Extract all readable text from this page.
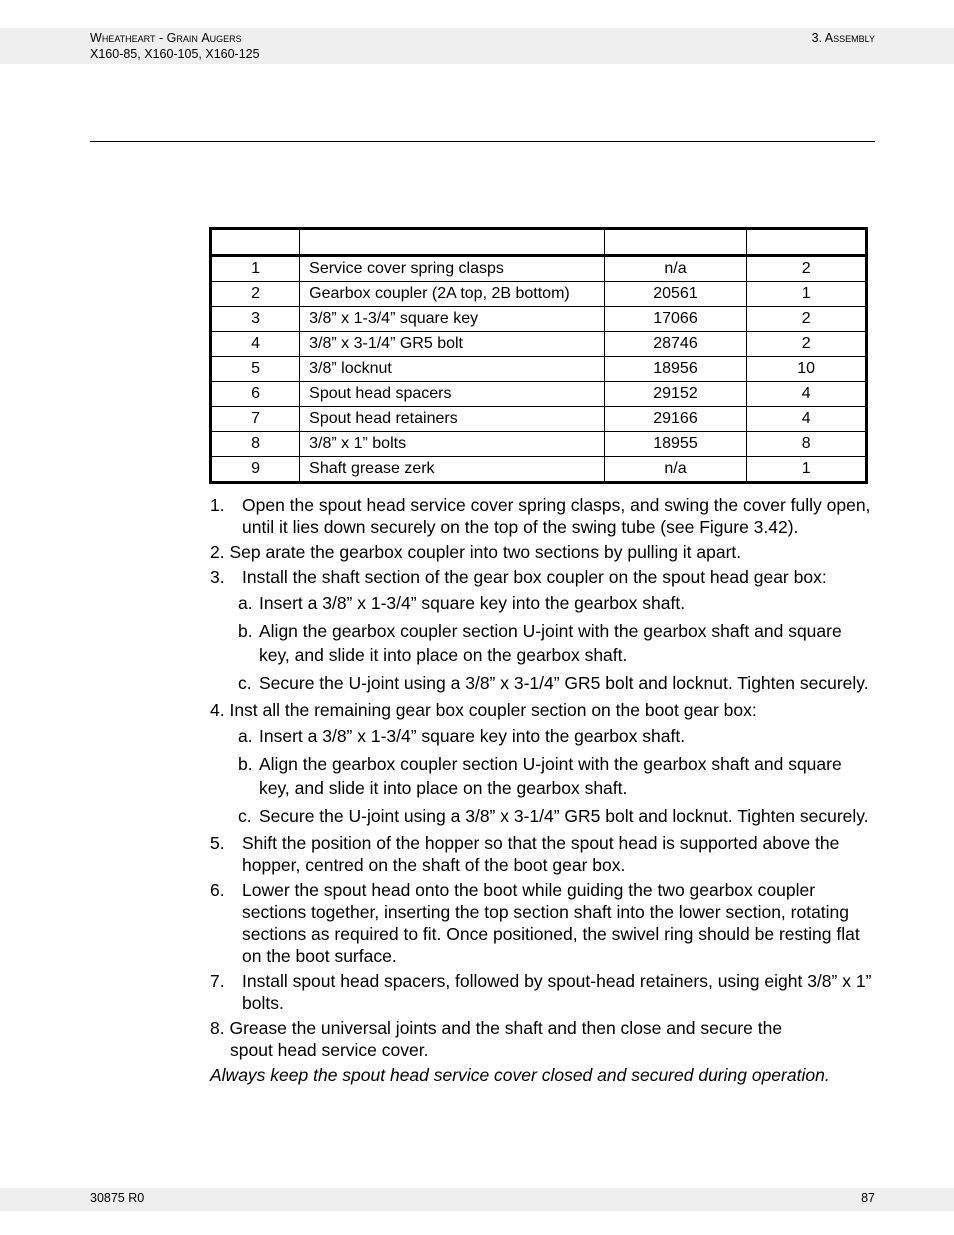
Wheatheart - Grain Augers
X160-85, X160-105, X160-125
3. Assembly

1	Service cover spring clasps	n/a	2
2	Gearbox coupler (2A top, 2B bottom)	20561	1
3	3/8” x 1-3/4” square key	17066	2
4	3/8” x 3-1/4” GR5 bolt	28746	2
5	3/8” locknut	18956	10
6	Spout head spacers	29152	4
7	Spout head retainers	29166	4
8	3/8” x 1” bolts	18955	8
9	Shaft grease zerk	n/a	1
1. Open the spout head service cover spring clasps, and swing the cover fully open, until it lies down securely on the top of the swing tube (see Figure 3.42).
2. Sep arate the gearbox coupler into two sections by pulling it apart.
3. Install the shaft section of the gear box coupler on the spout head gear box:
a. Insert a 3/8” x 1-3/4” square key into the gearbox shaft.
b. Align the gearbox coupler section U-joint with the gearbox shaft and square key, and slide it into place on the gearbox shaft.
c. Secure the U-joint using a 3/8” x 3-1/4” GR5 bolt and locknut. Tighten securely.
4. Inst all the remaining gear box coupler section on the boot gear box:
a. Insert a 3/8” x 1-3/4” square key into the gearbox shaft.
b. Align the gearbox coupler section U-joint with the gearbox shaft and square key, and slide it into place on the gearbox shaft.
c. Secure the U-joint using a 3/8” x 3-1/4” GR5 bolt and locknut. Tighten securely.
5. Shift the position of the hopper so that the spout head is supported above the hopper, centred on the shaft of the boot gear box.
6. Lower the spout head onto the boot while guiding the two gearbox coupler sections together, inserting the top section shaft into the lower section, rotating sections as required to fit. Once positioned, the swivel ring should be resting flat on the boot surface.
7. Install spout head spacers, followed by spout-head retainers, using eight 3/8” x 1” bolts.
8. Grease the universal joints and the shaft and then close and secure the
spout head service cover.
Always keep the spout head service cover closed and secured during operation.
30875 R0	87
